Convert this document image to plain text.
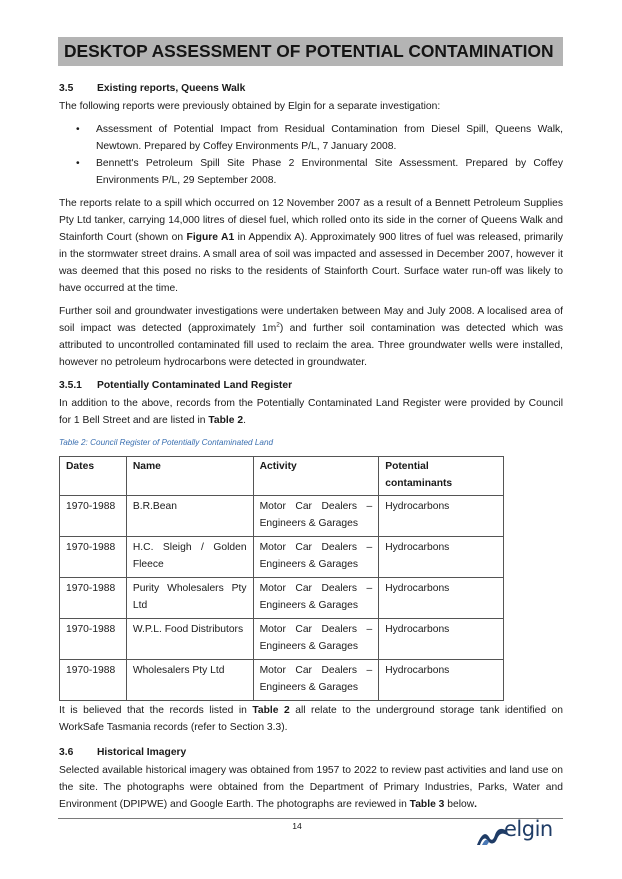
DESKTOP ASSESSMENT OF POTENTIAL CONTAMINATION

3.5 Existing reports, Queens Walk

The following reports were previously obtained by Elgin for a separate investigation:

• Assessment of Potential Impact from Residual Contamination from Diesel Spill, Queens Walk, Newtown. Prepared by Coffey Environments P/L, 7 January 2008.
• Bennett's Petroleum Spill Site Phase 2 Environmental Site Assessment. Prepared by Coffey Environments P/L, 29 September 2008.

The reports relate to a spill which occurred on 12 November 2007 as a result of a Bennett Petroleum Supplies Pty Ltd tanker, carrying 14,000 litres of diesel fuel, which rolled onto its side in the corner of Queens Walk and Stainforth Court (shown on Figure A1 in Appendix A). Approximately 900 litres of fuel was released, primarily in the stormwater street drains. A small area of soil was impacted and assessed in December 2007, however it was deemed that this posed no risks to the residents of Stainforth Court. Surface water run-off was likely to have occurred at the time.

Further soil and groundwater investigations were undertaken between May and July 2008. A localised area of soil impact was detected (approximately $1m^2$) and further soil contamination was detected which was attributed to uncontrolled contaminated fill used to reclaim the area. Three groundwater wells were installed, however no petroleum hydrocarbons were detected in groundwater.

3.5.1 Potentially Contaminated Land Register

In addition to the above, records from the Potentially Contaminated Land Register were provided by Council for 1 Bell Street and are listed in Table 2.

Table 2: Council Register of Potentially Contaminated Land
Dates	Name	Activity	Potential contaminants
1970-1988	B.R.Bean	Motor Car Dealers – Engineers & Garages	Hydrocarbons
1970-1988	H.C. Sleigh / Golden Fleece	Motor Car Dealers – Engineers & Garages	Hydrocarbons
1970-1988	Purity Wholesalers Pty Ltd	Motor Car Dealers – Engineers & Garages	Hydrocarbons
1970-1988	W.P.L. Food Distributors	Motor Car Dealers – Engineers & Garages	Hydrocarbons
1970-1988	Wholesalers Pty Ltd	Motor Car Dealers – Engineers & Garages	Hydrocarbons

It is believed that the records listed in Table 2 all relate to the underground storage tank identified on WorkSafe Tasmania records (refer to Section 3.3).

3.6 Historical Imagery

Selected available historical imagery was obtained from 1957 to 2022 to review past activities and land use on the site. The photographs were obtained from the Department of Primary Industries, Parks, Water and Environment (DPIPWE) and Google Earth. The photographs are reviewed in Table 3 below.

14	elgin
